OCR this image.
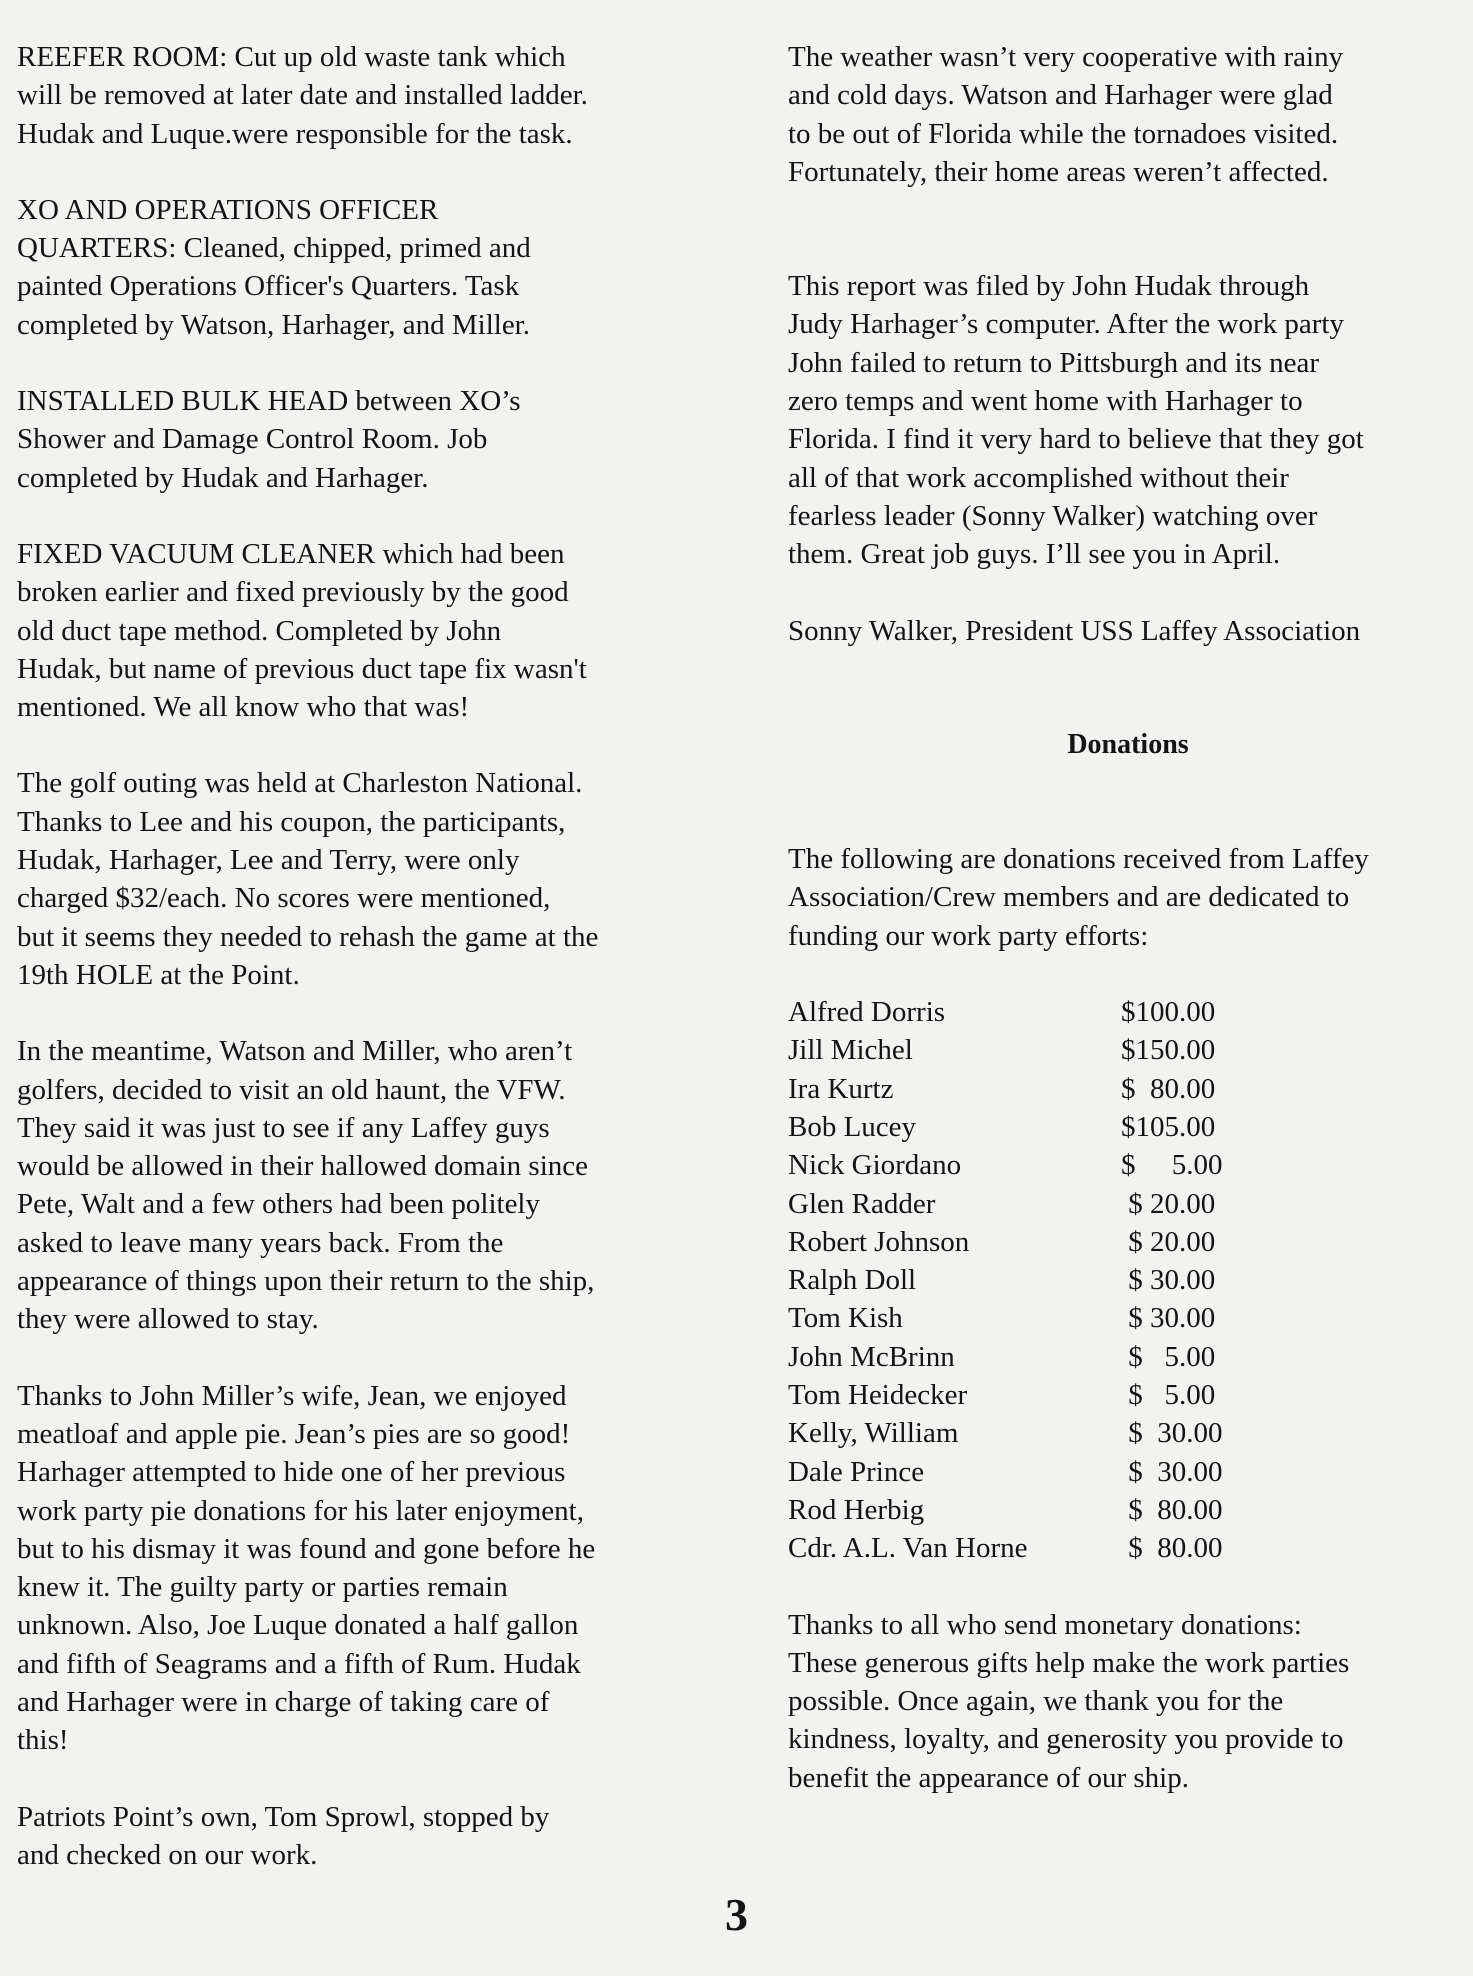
REEFER ROOM: Cut up old waste tank which
will be removed at later date and installed ladder.
Hudak and Luque.were responsible for the task.

XO AND OPERATIONS OFFICER
QUARTERS: Cleaned, chipped, primed and
painted Operations Officer's Quarters. Task
completed by Watson, Harhager, and Miller.

INSTALLED BULK HEAD between XO’s
Shower and Damage Control Room. Job
completed by Hudak and Harhager.

FIXED VACUUM CLEANER which had been
broken earlier and fixed previously by the good
old duct tape method. Completed by John
Hudak, but name of previous duct tape fix wasn't
mentioned. We all know who that was!

The golf outing was held at Charleston National.
Thanks to Lee and his coupon, the participants,
Hudak, Harhager, Lee and Terry, were only
charged $32/each. No scores were mentioned,
but it seems they needed to rehash the game at the
19th HOLE at the Point.

In the meantime, Watson and Miller, who aren’t
golfers, decided to visit an old haunt, the VFW.
They said it was just to see if any Laffey guys
would be allowed in their hallowed domain since
Pete, Walt and a few others had been politely
asked to leave many years back. From the
appearance of things upon their return to the ship,
they were allowed to stay.

Thanks to John Miller’s wife, Jean, we enjoyed
meatloaf and apple pie. Jean’s pies are so good!
Harhager attempted to hide one of her previous
work party pie donations for his later enjoyment,
but to his dismay it was found and gone before he
knew it. The guilty party or parties remain
unknown. Also, Joe Luque donated a half gallon
and fifth of Seagrams and a fifth of Rum. Hudak
and Harhager were in charge of taking care of
this!

Patriots Point’s own, Tom Sprowl, stopped by
and checked on our work.

The weather wasn’t very cooperative with rainy
and cold days. Watson and Harhager were glad
to be out of Florida while the tornadoes visited.
Fortunately, their home areas weren’t affected.

This report was filed by John Hudak through
Judy Harhager’s computer. After the work party
John failed to return to Pittsburgh and its near
zero temps and went home with Harhager to
Florida. I find it very hard to believe that they got
all of that work accomplished without their
fearless leader (Sonny Walker) watching over
them. Great job guys. I’ll see you in April.

Sonny Walker, President USS Laffey Association

Donations

The following are donations received from Laffey
Association/Crew members and are dedicated to
funding our work party efforts:

Alfred Dorris	$100.00
Jill Michel	$150.00
Ira Kurtz	$  80.00
Bob Lucey	$105.00
Nick Giordano	$     5.00
Glen Radder	$ 20.00
Robert Johnson	$ 20.00
Ralph Doll	$ 30.00
Tom Kish	$ 30.00
John McBrinn	$   5.00
Tom Heidecker	$   5.00
Kelly, William	$  30.00
Dale Prince	$  30.00
Rod Herbig	$  80.00
Cdr. A.L. Van Horne	$  80.00

Thanks to all who send monetary donations:
These generous gifts help make the work parties
possible. Once again, we thank you for the
kindness, loyalty, and generosity you provide to
benefit the appearance of our ship.

3
